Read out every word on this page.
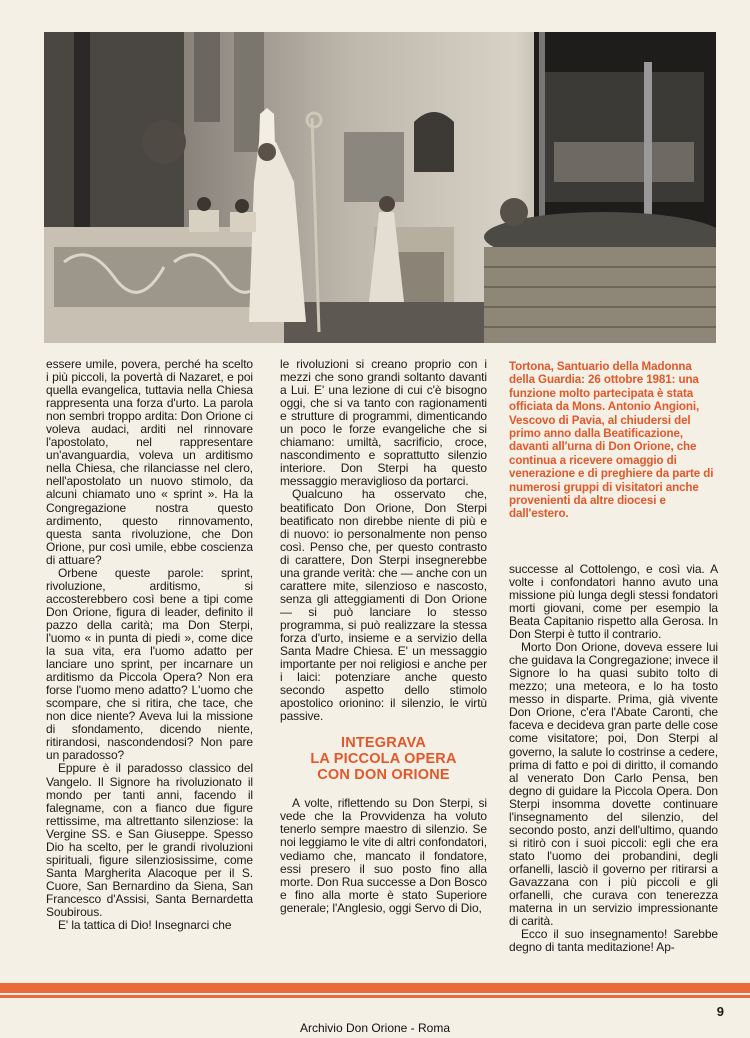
essere umile, povera, perché ha scelto i più piccoli, la povertà di Nazaret, e poi quella evangelica, tuttavia nella Chiesa rappresenta una forza d'urto. La parola non sembri troppo ardita: Don Orione ci voleva audaci, arditi nel rinnovare l'apostolato, nel rappresentare un'avanguardia, voleva un arditismo nella Chiesa, che rilanciasse nel clero, nell'apostolato un nuovo stimolo, da alcuni chiamato uno « sprint ». Ha la Congregazione nostra questo ardimento, questo rinnovamento, questa santa rivoluzione, che Don Orione, pur così umile, ebbe coscienza di attuare?

Orbene queste parole: sprint, rivoluzione, arditismo, si accosterebbero così bene a tipi come Don Orione, figura di leader, definito il pazzo della carità; ma Don Sterpi, l'uomo « in punta di piedi », come dice la sua vita, era l'uomo adatto per lanciare uno sprint, per incarnare un arditismo da Piccola Opera? Non era forse l'uomo meno adatto? L'uomo che scompare, che si ritira, che tace, che non dice niente? Aveva lui la missione di sfondamento, dicendo niente, ritirandosi, nascondendosi? Non pare un paradosso?

Eppure è il paradosso classico del Vangelo. Il Signore ha rivoluzionato il mondo per tanti anni, facendo il falegname, con a fianco due figure rettissime, ma altrettanto silenziose: la Vergine SS. e San Giuseppe. Spesso Dio ha scelto, per le grandi rivoluzioni spirituali, figure silenziosissime, come Santa Margherita Alacoque per il S. Cuore, San Bernardino da Siena, San Francesco d'Assisi, Santa Bernardetta Soubirous.

E' la tattica di Dio! Insegnarci che

le rivoluzioni si creano proprio con i mezzi che sono grandi soltanto davanti a Lui. E' una lezione di cui c'è bisogno oggi, che si va tanto con ragionamenti e strutture di programmi, dimenticando un poco le forze evangeliche che si chiamano: umiltà, sacrificio, croce, nascondimento e soprattutto silenzio interiore. Don Sterpi ha questo messaggio meraviglioso da portarci.

Qualcuno ha osservato che, beatificato Don Orione, Don Sterpi beatificato non direbbe niente di più e di nuovo: io personalmente non penso così. Penso che, per questo contrasto di carattere, Don Sterpi insegnerebbe una grande verità: che — anche con un carattere mite, silenzioso e nascosto, senza gli atteggiamenti di Don Orione — si può lanciare lo stesso programma, si può realizzare la stessa forza d'urto, insieme e a servizio della Santa Madre Chiesa. E' un messaggio importante per noi religiosi e anche per i laici: potenziare anche questo secondo aspetto dello stimolo apostolico orionino: il silenzio, le virtù passive.

INTEGRAVA
LA PICCOLA OPERA
CON DON ORIONE

A volte, riflettendo su Don Sterpi, si vede che la Provvidenza ha voluto tenerlo sempre maestro di silenzio. Se noi leggiamo le vite di altri confondatori, vediamo che, mancato il fondatore, essi presero il suo posto fino alla morte. Don Rua successe a Don Bosco e fino alla morte è stato Superiore generale; l'Anglesio, oggi Servo di Dio,

Tortona, Santuario della Madonna della Guardia: 26 ottobre 1981: una funzione molto partecipata è stata officiata da Mons. Antonio Angioni, Vescovo di Pavia, al chiudersi del primo anno dalla Beatificazione, davanti all'urna di Don Orione, che continua a ricevere omaggio di venerazione e di preghiere da parte di numerosi gruppi di visitatori anche provenienti da altre diocesi e dall'estero.

successe al Cottolengo, e così via. A volte i confondatori hanno avuto una missione più lunga degli stessi fondatori morti giovani, come per esempio la Beata Capitanio rispetto alla Gerosa. In Don Sterpi è tutto il contrario.

Morto Don Orione, doveva essere lui che guidava la Congregazione; invece il Signore lo ha quasi subito tolto di mezzo; una meteora, e lo ha tosto messo in disparte. Prima, già vivente Don Orione, c'era l'Abate Caronti, che faceva e decideva gran parte delle cose come visitatore; poi, Don Sterpi al governo, la salute lo costrinse a cedere, prima di fatto e poi di diritto, il comando al venerato Don Carlo Pensa, ben degno di guidare la Piccola Opera. Don Sterpi insomma dovette continuare l'insegnamento del silenzio, del secondo posto, anzi dell'ultimo, quando si ritirò con i suoi piccoli: egli che era stato l'uomo dei probandini, degli orfanelli, lasciò il governo per ritirarsi a Gavazzana con i più piccoli e gli orfanelli, che curava con tenerezza materna in un servizio impressionante di carità.

Ecco il suo insegnamento! Sarebbe degno di tanta meditazione! Ap-

9
Archivio Don Orione - Roma
